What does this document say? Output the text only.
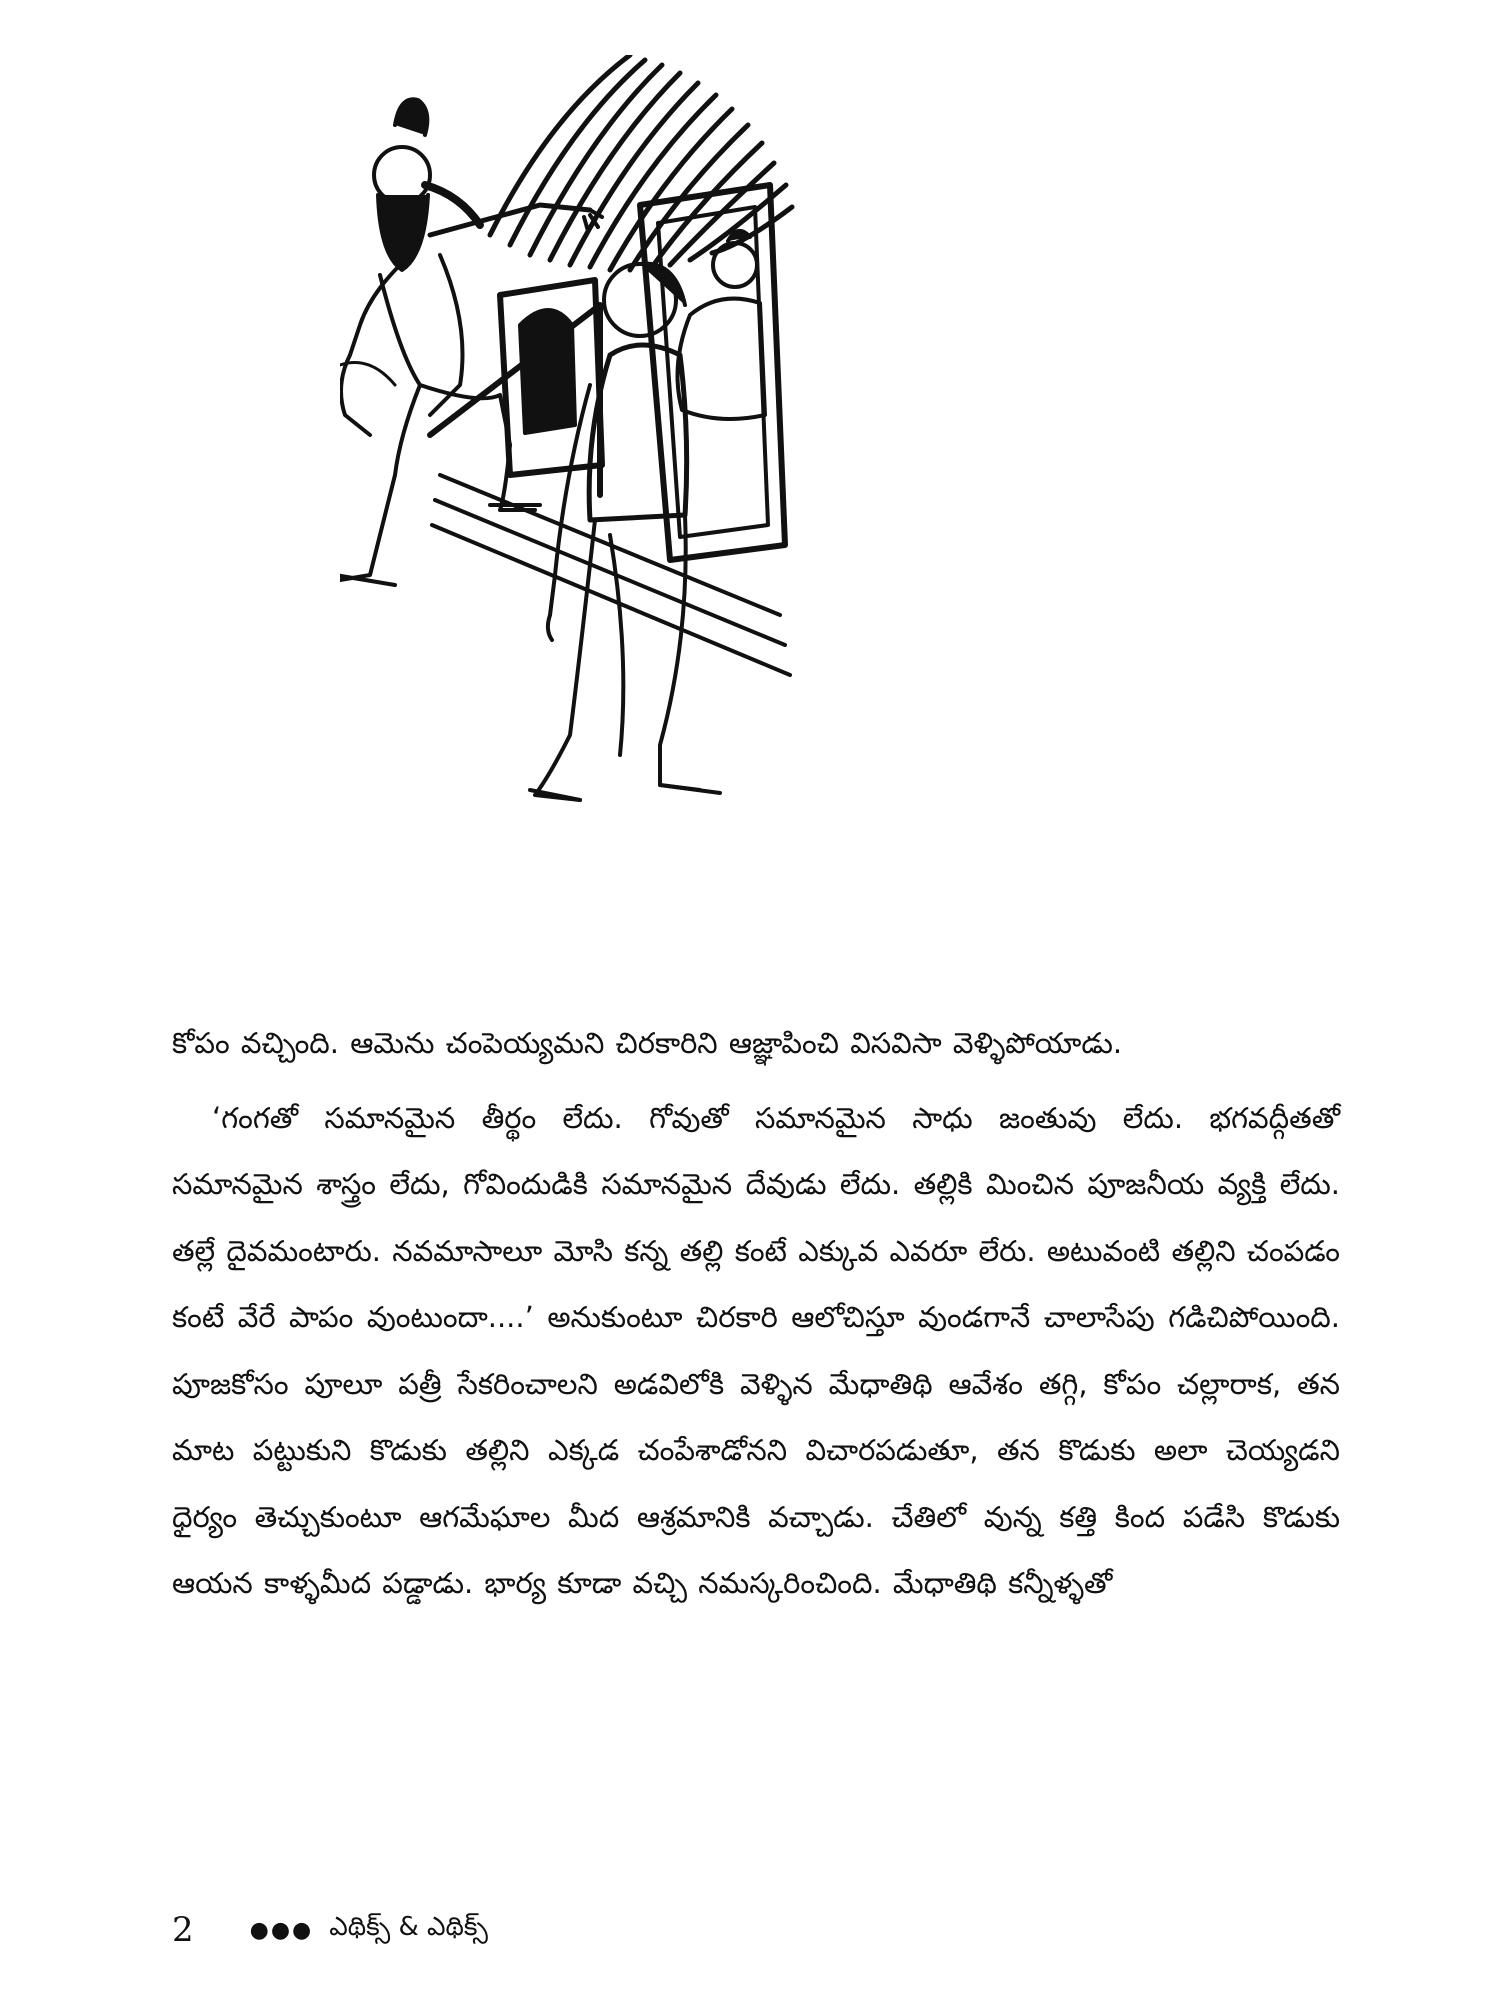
కోపం వచ్చింది. ఆమెను చంపెయ్యమని చిరకారిని ఆజ్ఞాపించి విసవిసా వెళ్ళిపోయాడు.

‘గంగతో సమానమైన తీర్థం లేదు. గోవుతో సమానమైన సాధు జంతువు లేదు. భగవద్గీతతో సమానమైన శాస్త్రం లేదు, గోవిందుడికి సమానమైన దేవుడు లేదు. తల్లికి మించిన పూజనీయ వ్యక్తి లేదు. తల్లే దైవమంటారు. నవమాసాలూ మోసి కన్న తల్లి కంటే ఎక్కువ ఎవరూ లేరు. అటువంటి తల్లిని చంపడం కంటే వేరే పాపం వుంటుందా....’ అనుకుంటూ చిరకారి ఆలోచిస్తూ వుండగానే చాలాసేపు గడిచిపోయింది. పూజకోసం పూలూ పత్రీ సేకరించాలని అడవిలోకి వెళ్ళిన మేధాతిథి ఆవేశం తగ్గి, కోపం చల్లారాక, తన మాట పట్టుకుని కొడుకు తల్లిని ఎక్కడ చంపేశాడోనని విచారపడుతూ, తన కొడుకు అలా చెయ్యడని ధైర్యం తెచ్చుకుంటూ ఆగమేఘాల మీద ఆశ్రమానికి వచ్చాడు. చేతిలో వున్న కత్తి కింద పడేసి కొడుకు ఆయన కాళ్ళమీద పడ్డాడు. భార్య కూడా వచ్చి నమస్కరించింది. మేధాతిథి కన్నీళ్ళతో

2	●●● ఎథిక్స్ & ఎథిక్స్
